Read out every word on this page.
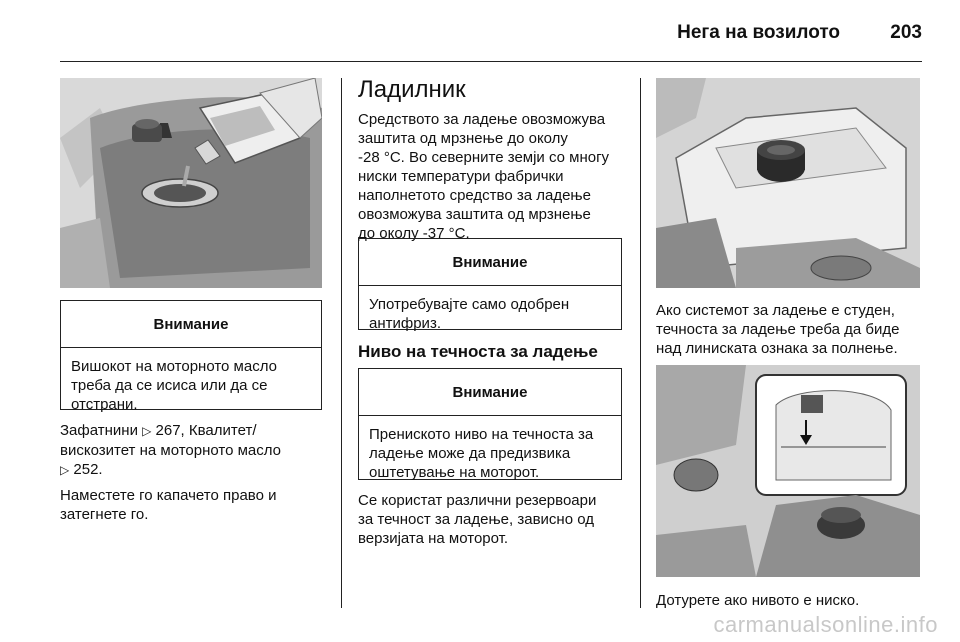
Нега на возилото	203
Внимание
Вишокот на моторното масло
треба да се исиса или да се
отстрани.

Зафатнини ▷ 267, Квалитет/
вискозитет на моторното масло
▷ 252.

Наместете го капачето право и
затегнете го.

Ладилник

Средството за ладење овозможува
заштита од мрзнење до околу
-28 °C. Во северните земји со многу
ниски температури фабрички
наполнетото средство за ладење
овозможува заштита од мрзнење
до околу -37 °C.

Внимание
Употребувајте само одобрен
антифриз.
Ниво на течноста за ладење
Внимание
Прениското ниво на течноста за
ладење може да предизвика
оштетување на моторот.

Се користат различни резервоари
за течност за ладење, зависно од
верзијата на моторот.

Ако системот за ладење е студен,
течноста за ладење треба да биде
над линиската ознака за полнење.

Дотурете ако нивото е ниско.

carmanualsonline.info
